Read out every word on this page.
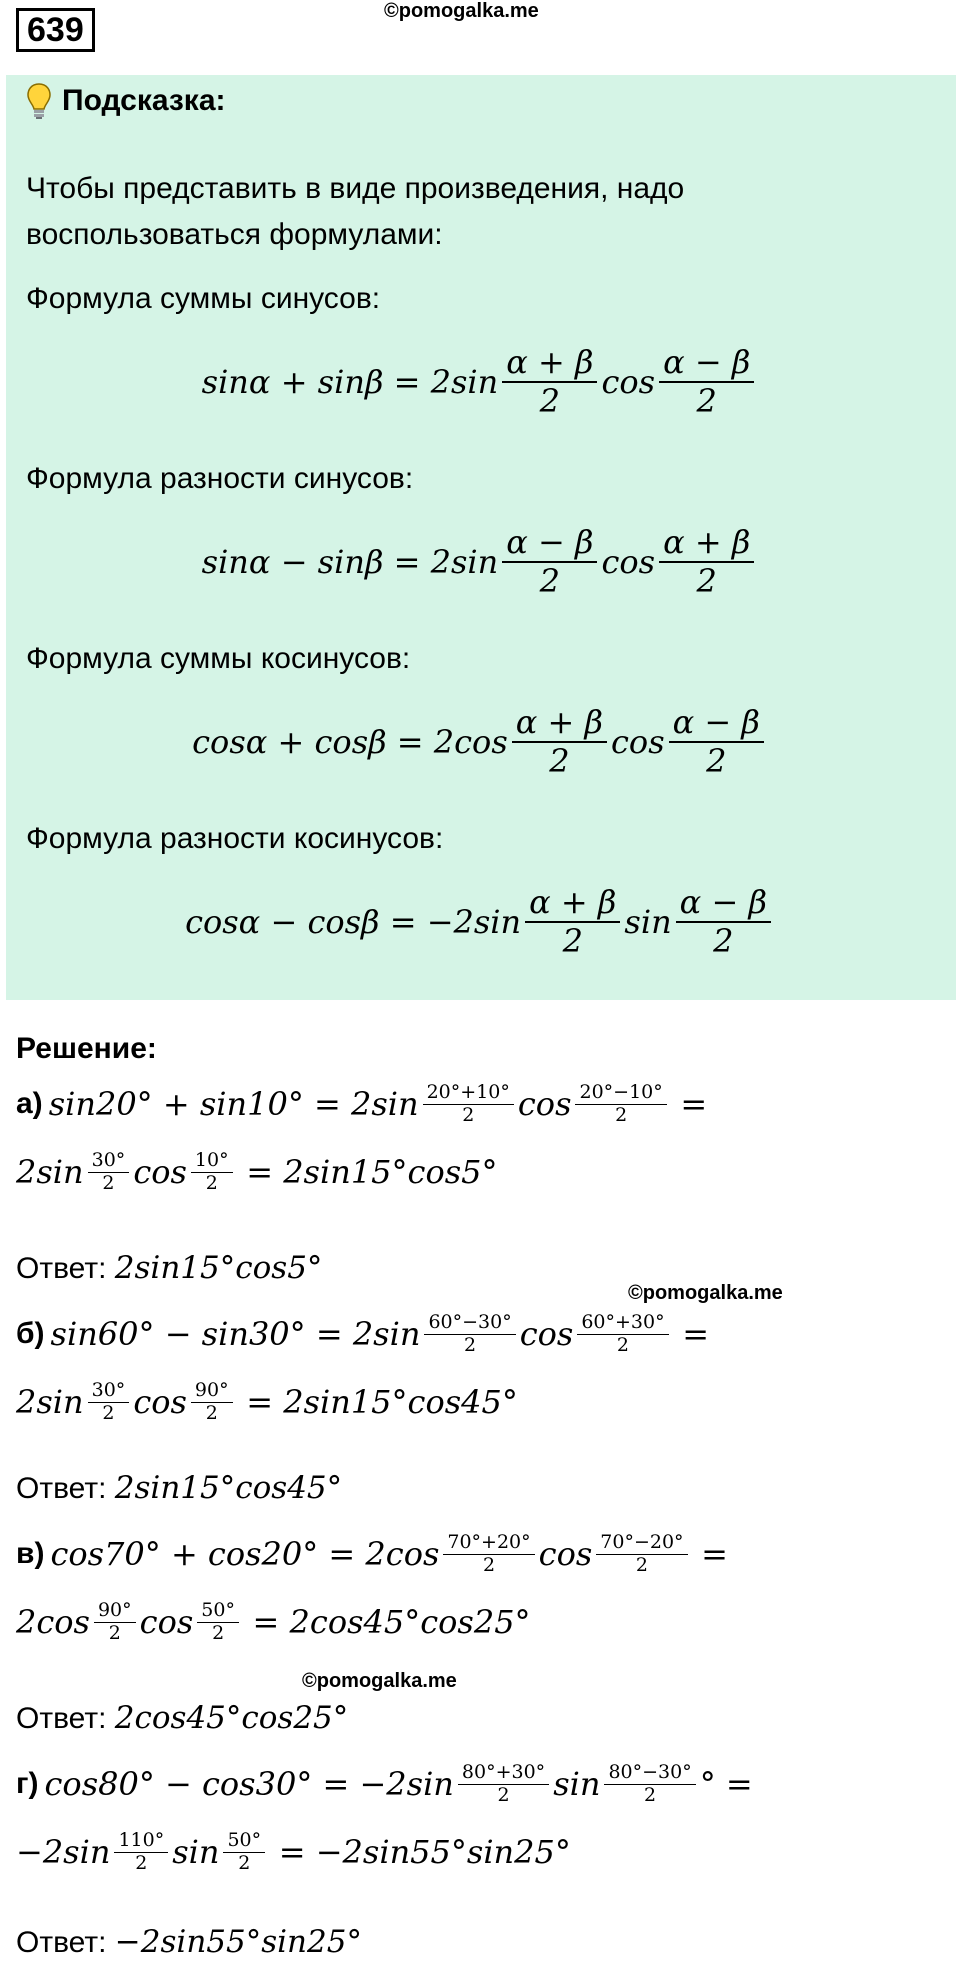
639	©pomogalka.me
Подсказка:
Чтобы представить в виде произведения, надо
воспользоваться формулами:
Формула суммы синусов:
$\sin\alpha + \sin\beta = 2\sin \frac{\alpha + \beta}{2}$ $\cos \frac{\alpha - \beta}{2}$
Формула разности синусов:
$\sin\alpha - \sin\beta = 2\sin \frac{\alpha - \beta}{2}$ $\cos \frac{\alpha + \beta}{2}$
Формула суммы косинусов:
$\cos\alpha + \cos\beta = 2\cos \frac{\alpha + \beta}{2}$ $\cos \frac{\alpha - \beta}{2}$
Формула разности косинусов:
$\cos\alpha - \cos\beta = -2\sin \frac{\alpha + \beta}{2}$ $\sin \frac{\alpha - \beta}{2}$
Решение:
а) $\sin 20^\circ + \sin 10^\circ = 2\sin \frac{20^\circ+10^\circ}{2}$ $\cos \frac{20^\circ-10^\circ}{2}$ =
$2\sin \frac{30^\circ}{2}$ $\cos \frac{10^\circ}{2} = 2\sin 15^\circ\cos 5^\circ$
Ответ: 2sin15°cos5°
©pomogalka.me
б) $\sin 60^\circ - \sin 30^\circ = 2\sin \frac{60^\circ-30^\circ}{2}$ $\cos \frac{60^\circ+30^\circ}{2}$ =
$2\sin \frac{30^\circ}{2}$ $\cos \frac{90^\circ}{2} = 2\sin 15^\circ\cos 45^\circ$
Ответ: 2sin15°cos45°
в) $\cos 70^\circ + \cos 20^\circ = 2\cos \frac{70^\circ+20^\circ}{2}$ $\cos \frac{70^\circ-20^\circ}{2}$ =
$2\cos \frac{90^\circ}{2}$ $\cos \frac{50^\circ}{2} = 2\cos 45^\circ\cos 25^\circ$
©pomogalka.me
Ответ: 2cos45°cos25°
г) $\cos 80^\circ - \cos 30^\circ = -2\sin \frac{80^\circ+30^\circ}{2}$ $\sin \frac{80^\circ-30^\circ}{2}$ ° =
$-2\sin \frac{110^\circ}{2}$ $\sin \frac{50^\circ}{2} = -2\sin 55^\circ\sin 25^\circ$
Ответ: −2sin55°sin25°
